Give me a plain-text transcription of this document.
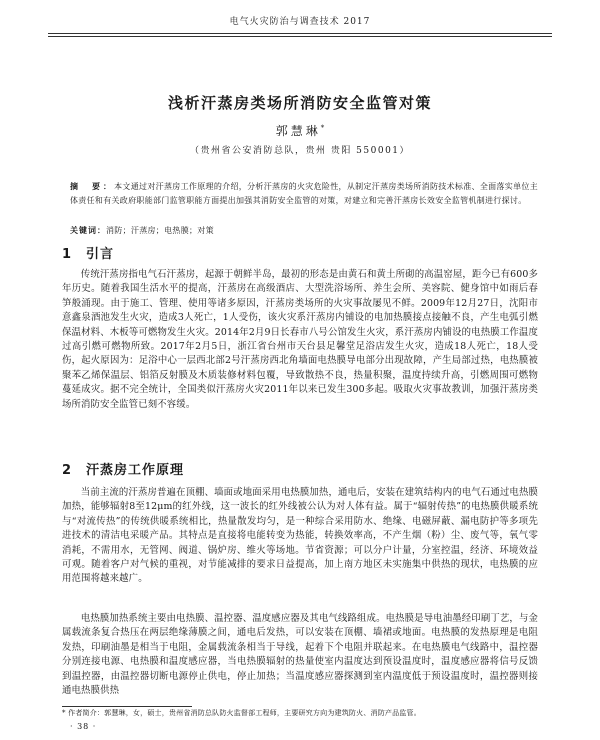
电气火灾防治与调查技术 2017
浅析汗蒸房类场所消防安全监管对策
郭慧琳*
（贵州省公安消防总队，贵州 贵阳 550001）
摘　要：本文通过对汗蒸房工作原理的介绍，分析汗蒸房的火灾危险性，从制定汗蒸房类场所消防技术标准、全面落实单位主体责任和有关政府职能部门监管职能方面提出加强其消防安全监管的对策，对建立和完善汗蒸房长效安全监管机制进行探讨。
关键词：消防；汗蒸房；电热膜；对策
1 引言
传统汗蒸房指电气石汗蒸房，起源于朝鲜半岛，最初的形态是由黄石和黄土所砌的高温窑屋，距今已有600多年历史。随着我国生活水平的提高，汗蒸房在高级酒店、大型洗浴场所、养生会所、美容院、健身馆中如雨后春笋般涌现。由于施工、管理、使用等诸多原因，汗蒸房类场所的火灾事故屡见不鲜。2009年12月27日，沈阳市意鑫泉酒池发生火灾，造成3人死亡，1人受伤，该火灾系汗蒸房内铺设的电加热膜接点接触不良，产生电弧引燃保温材料、木板等可燃物发生火灾。2014年2月9日长春市八号公馆发生火灾，系汗蒸房内铺设的电热膜工作温度过高引燃可燃物所致。2017年2月5日，浙江省台州市天台县足馨堂足浴店发生火灾，造成18人死亡，18人受伤，起火原因为：足浴中心一层西北部2号汗蒸房西北角墙面电热膜导电部分出现故障，产生局部过热，电热膜被聚苯乙烯保温层、铝箔反射膜及木质装修材料包覆，导致散热不良，热量积聚，温度持续升高，引燃周围可燃物蔓延成灾。据不完全统计，全国类似汗蒸房火灾2011年以来已发生300多起。吸取火灾事故教训，加强汗蒸房类场所消防安全监管已刻不容缓。
2 汗蒸房工作原理
当前主流的汗蒸房普遍在顶棚、墙面或地面采用电热膜加热，通电后，安装在建筑结构内的电气石通过电热膜加热，能够辐射8至12μm的红外线，这一波长的红外线被公认为对人体有益。属于“辐射传热”的电热膜供暖系统与“对流传热”的传统供暖系统相比，热量散发均匀，是一种综合采用防水、绝缘、电磁屏蔽、漏电防护等多项先进技术的清洁电采暖产品。其特点是直接将电能转变为热能，转换效率高，不产生烟（粉）尘、废气等，氧气零消耗，不需用水，无管网、阀道、锅炉房、维火等场地。节省资源；可以分户计量，分室控温，经济、环境效益可观。随着客户对气候的重视，对节能减排的要求日益提高，加上南方地区未实施集中供热的现状，电热膜的应用范围将越来越广。
电热膜加热系统主要由电热膜、温控器、温度感应器及其电气线路组成。电热膜是导电油墨经印刷丁艺，与金属载流条复合热压在两层绝缘薄膜之间，通电后发热，可以安装在顶棚、墙裙或地面。电热膜的发热原理是电阻发热，印刷油墨是相当于电阻，金属载流条相当于导线，起着下个电阻并联起来。在电热膜电气线路中，温控器分别连接电源、电热膜和温度感应器，当电热膜辐射的热量使室内温度达到预设温度时，温度感应器将信号反馈到温控器，由温控器切断电源停止供电，停止加热；当温度感应器探测到室内温度低于预设温度时，温控器则接通电热膜供热
* 作者简介：郭慧琳，女，硕士，贵州省消防总队防火监督部工程师，主要研究方向为建筑防火、消防产品监管。
· 38 ·
